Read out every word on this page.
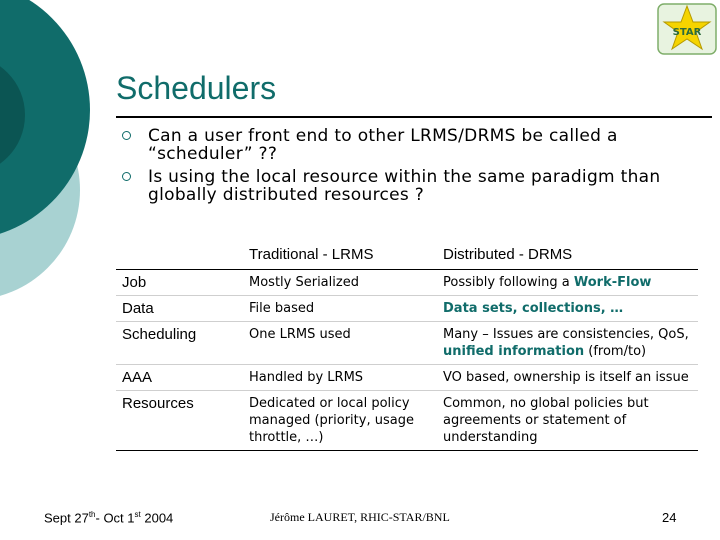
STAR
Schedulers
Can a user front end to other LRMS/DRMS be called a “scheduler” ??
Is using the local resource within the same paradigm than globally distributed resources ?
	Traditional - LRMS	Distributed - DRMS
Job	Mostly Serialized	Possibly following a Work-Flow
Data	File based	Data sets, collections, …
Scheduling	One LRMS used	Many – Issues are consistencies, QoS, unified information (from/to)
AAA	Handled by LRMS	VO based, ownership is itself an issue
Resources	Dedicated or local policy managed (priority, usage throttle, …)	Common, no global policies but agreements or statement of understanding
Sept 27th- Oct 1st 2004	Jérôme LAURET, RHIC-STAR/BNL	24
